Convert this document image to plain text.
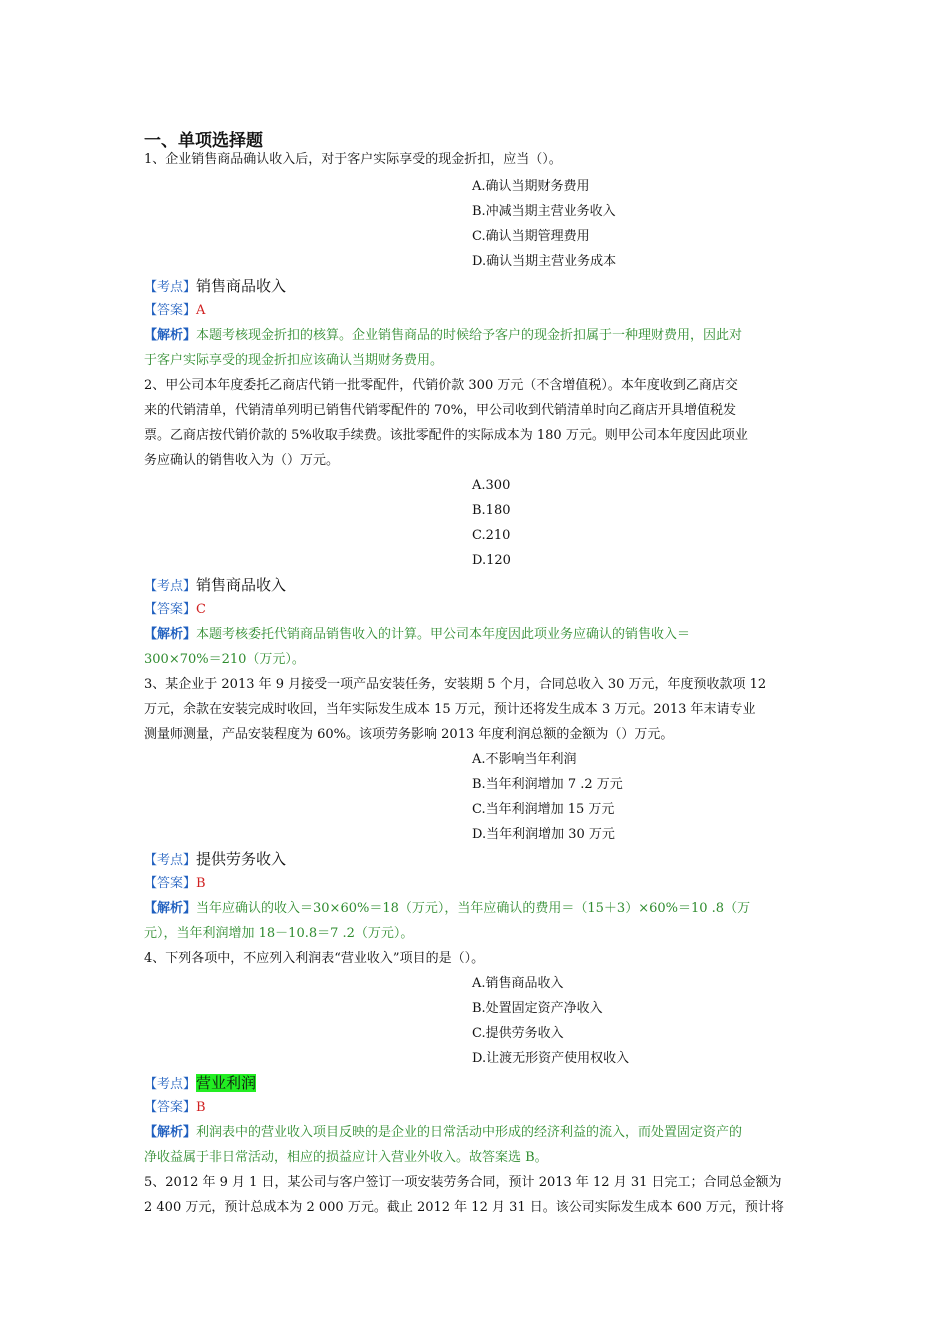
一、单项选择题
1、企业销售商品确认收入后，对于客户实际享受的现金折扣，应当（）。
A.确认当期财务费用
B.冲减当期主营业务收入
C.确认当期管理费用
D.确认当期主营业务成本
【考点】销售商品收入
【答案】A
【解析】本题考核现金折扣的核算。企业销售商品的时候给予客户的现金折扣属于一种理财费用，因此对
于客户实际享受的现金折扣应该确认当期财务费用。
2、甲公司本年度委托乙商店代销一批零配件，代销价款 300 万元（不含增值税）。本年度收到乙商店交
来的代销清单，代销清单列明已销售代销零配件的 70%，甲公司收到代销清单时向乙商店开具增值税发
票。乙商店按代销价款的 5%收取手续费。该批零配件的实际成本为 180 万元。则甲公司本年度因此项业
务应确认的销售收入为（）万元。
A.300
B.180
C.210
D.120
【考点】销售商品收入
【答案】C
【解析】本题考核委托代销商品销售收入的计算。甲公司本年度因此项业务应确认的销售收入＝
300×70%＝210（万元）。
3、某企业于 2013 年 9 月接受一项产品安装任务，安装期 5 个月，合同总收入 30 万元，年度预收款项 12
万元，余款在安装完成时收回，当年实际发生成本 15 万元，预计还将发生成本 3 万元。2013 年末请专业
测量师测量，产品安装程度为 60%。该项劳务影响 2013 年度利润总额的金额为（）万元。
A.不影响当年利润
B.当年利润增加 7 .2 万元
C.当年利润增加 15 万元
D.当年利润增加 30 万元
【考点】提供劳务收入
【答案】B
【解析】当年应确认的收入＝30×60%＝18（万元），当年应确认的费用＝（15＋3）×60%＝10 .8（万
元），当年利润增加 18－10.8＝7 .2（万元）。
4、下列各项中，不应列入利润表“营业收入”项目的是（）。
A.销售商品收入
B.处置固定资产净收入
C.提供劳务收入
D.让渡无形资产使用权收入
【考点】营业利润
【答案】B
【解析】利润表中的营业收入项目反映的是企业的日常活动中形成的经济利益的流入，而处置固定资产的
净收益属于非日常活动，相应的损益应计入营业外收入。故答案选 B。
5、2012 年 9 月 1 日，某公司与客户签订一项安装劳务合同，预计 2013 年 12 月 31 日完工；合同总金额为
2 400 万元，预计总成本为 2 000 万元。截止 2012 年 12 月 31 日。该公司实际发生成本 600 万元，预计将
